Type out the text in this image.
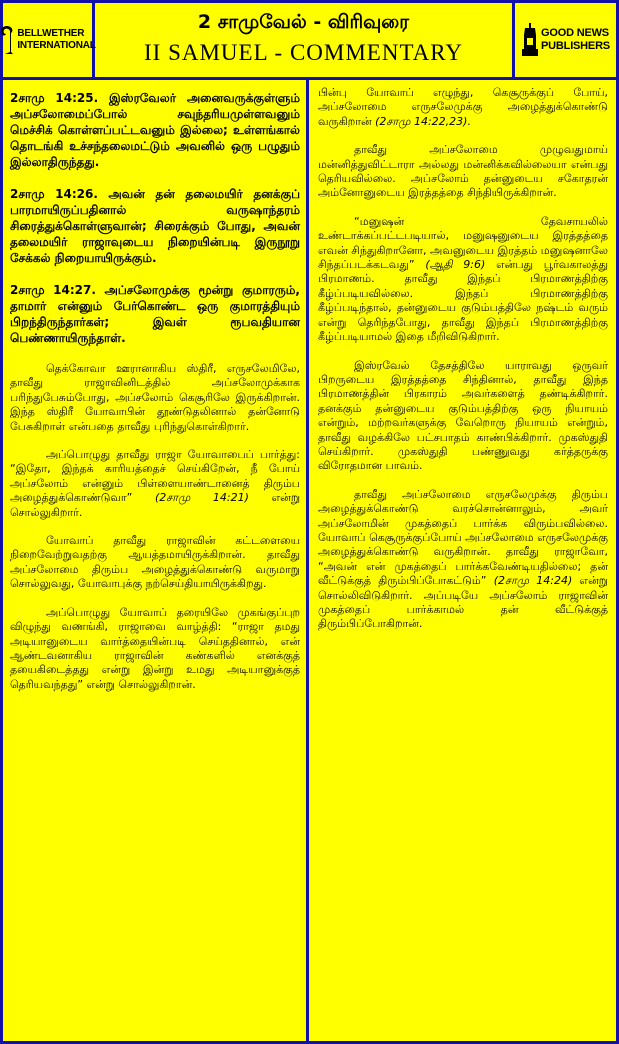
BELLWETHER
INTERNATIONAL
2 சாமுவேல் - விரிவுரை
II SAMUEL - COMMENTARY
GOOD NEWS
PUBLISHERS

2சாமு 14:25. இஸ்ரவேலர் அனைவருக்குள்ளும் அப்சலோமைப்போல் சவுந்தரியமுள்ளவனும் மெச்சிக் கொள்ளப்பட்டவனும் இல்லை; உள்ளங்கால் தொடங்கி உச்சந்தலைமட்டும் அவனில் ஒரு பழுதும் இல்லாதிருந்தது.

2சாமு 14:26. அவன் தன் தலைமயிர் தனக்குப் பாரமாயிருப்பதினால் வருஷாந்தரம் சிரைத்துக்கொள்ளுவான்; சிரைக்கும் போது, அவன் தலைமயிர் ராஜாவுடைய நிறையின்படி இருநூறு சேக்கல் நிறையாயிருக்கும்.

2சாமு 14:27. அப்சலோமுக்கு மூன்று குமாரரும், தாமார் என்னும் பேர்கொண்ட ஒரு குமாரத்தியும் பிறந்திருந்தார்கள்; இவள் ரூபவதியான பெண்ணாயிருந்தாள்.

தெக்கோவா ஊரானாகிய ஸ்திரீ, எருசலேமிலே, தாவீது ராஜாவினிடத்தில் அப்சலோமுக்காக பரிந்துபேசும்போது, அப்சலோம் கெசூரிலே இருக்கிறான். இந்த ஸ்திரீ யோவாபின் தூண்டுதலினால் தன்னோடு பேசுகிறாள் என்பதை தாவீது புரிந்துகொள்கிறார்.

அப்பொழுது தாவீது ராஜா யோவாபைப் பார்த்து: “இதோ, இந்தக் காரியத்தைச் செய்கிறேன், நீ போய் அப்சலோம் என்னும் பிள்ளையாண்டானைத் திரும்ப அழைத்துக்கொண்டுவா” (2சாமு 14:21) என்று சொல்லுகிறார்.

யோவாப் தாவீது ராஜாவின் கட்டளையை நிறைவேற்றுவதற்கு ஆயத்தமாயிருக்கிறான். தாவீது அப்சலோமை திரும்ப அழைத்துக்கொண்டு வருமாறு சொல்லுவது, யோவாபுக்கு நற்செய்தியாயிருக்கிறது.

அப்பொழுது யோவாப் தரையிலே முகங்குப்புற விழுந்து வணங்கி, ராஜாவை வாழ்த்தி: “ராஜா தமது அடியானுடைய வார்த்தையின்படி செய்ததினால், என் ஆண்டவனாகிய ராஜாவின் கண்களில் எனக்குத் தயைகிடைத்தது என்று இன்று உமது அடியானுக்குத் தெரியவந்தது” என்று சொல்லுகிறான்.

பின்பு யோவாப் எழுந்து, கெசூருக்குப் போய், அப்சலோமை எருசலேமுக்கு அழைத்துக்கொண்டு வருகிறான் (2சாமு 14:22,23).

தாவீது அப்சலோமை முழுவதுமாய் மன்னித்துவிட்டாரா அல்லது மன்னிக்கவில்லையா என்பது தெரியவில்லை. அப்சலோம் தன்னுடைய சகோதரன் அம்னோனுடைய இரத்தத்தை சிந்தியிருக்கிறான்.

“மனுஷன் தேவசாயலில் உண்டாக்கப்பட்டபடியால், மனுஷனுடைய இரத்தத்தை எவன் சிந்துகிறானோ, அவனுடைய இரத்தம் மனுஷனாலே சிந்தப்படக்கடவது” (ஆதி 9:6) என்பது பூர்வகாலத்து பிரமாணம். தாவீது இந்தப் பிரமாணத்திற்கு கீழ்ப்படியவில்லை. இந்தப் பிரமாணத்திற்கு கீழ்ப்படிந்தால், தன்னுடைய குடும்பத்திலே நஷ்டம் வரும் என்று தெரிந்தபோது, தாவீது இந்தப் பிரமாணத்திற்கு கீழ்ப்படியாமல் இதை மீறிவிடுகிறார்.

இஸ்ரவேல் தேசத்திலே யாராவது ஒருவர் பிறருடைய இரத்தத்தை சிந்தினால், தாவீது இந்த பிரமாணத்தின் பிரகாரம் அவர்களைத் தண்டிக்கிறார். தனக்கும் தன்னுடைய குடும்பத்திற்கு ஒரு நியாயம் என்றும், மற்றவர்களுக்கு வேறொரு நியாயம் என்றும், தாவீது வழக்கிலே பட்சபாதம் காண்பிக்கிறார். முகஸ்துதி செய்கிறார். முகஸ்துதி பண்ணுவது கர்த்தருக்கு விரோதமான பாவம்.

தாவீது அப்சலோமை எருசலேமுக்கு திரும்ப அழைத்துக்கொண்டு வரச்சொன்னாலும், அவர் அப்சலோமின் முகத்தைப் பார்க்க விரும்பவில்லை. யோவாப் கெசூருக்குப்போய் அப்சலோமை எருசலேமுக்கு அழைத்துக்கொண்டு வருகிறான். தாவீது ராஜாவோ, “அவன் என் முகத்தைப் பார்க்கவேண்டியதில்லை; தன் வீட்டுக்குத் திரும்பிப்போகட்டும்” (2சாமு 14:24) என்று சொல்லிவிடுகிறார். அப்படியே அப்சலோம் ராஜாவின் முகத்தைப் பார்க்காமல் தன் வீட்டுக்குத் திரும்பிப்போகிறான்.
